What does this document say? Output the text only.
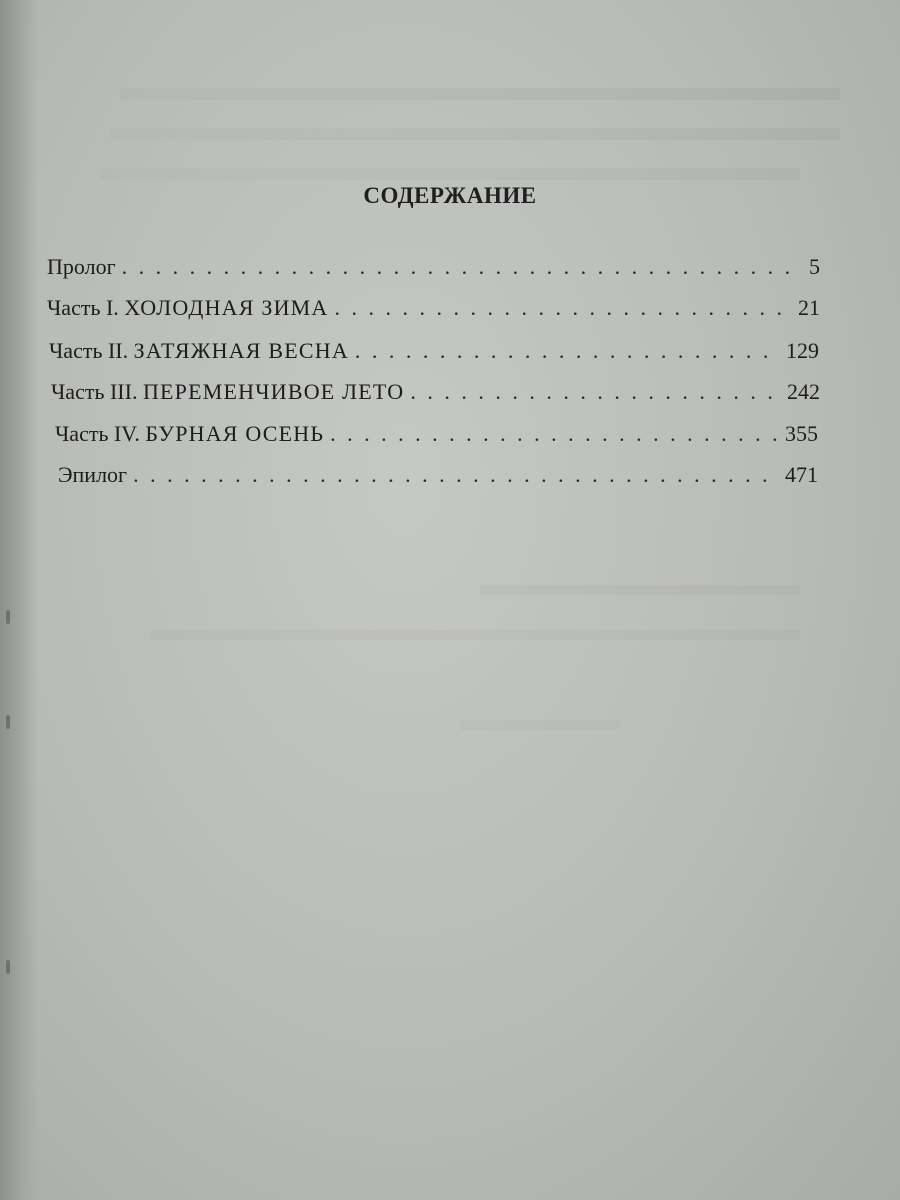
СОДЕРЖАНИЕ
Пролог . . .	5
Часть I. ХОЛОДНАЯ ЗИМА . . .	21
Часть II. ЗАТЯЖНАЯ ВЕСНА . . .	129
Часть III. ПЕРЕМЕНЧИВОЕ ЛЕТО . . .	242
Часть IV. БУРНАЯ ОСЕНЬ . . .	355
Эпилог . . .	471
